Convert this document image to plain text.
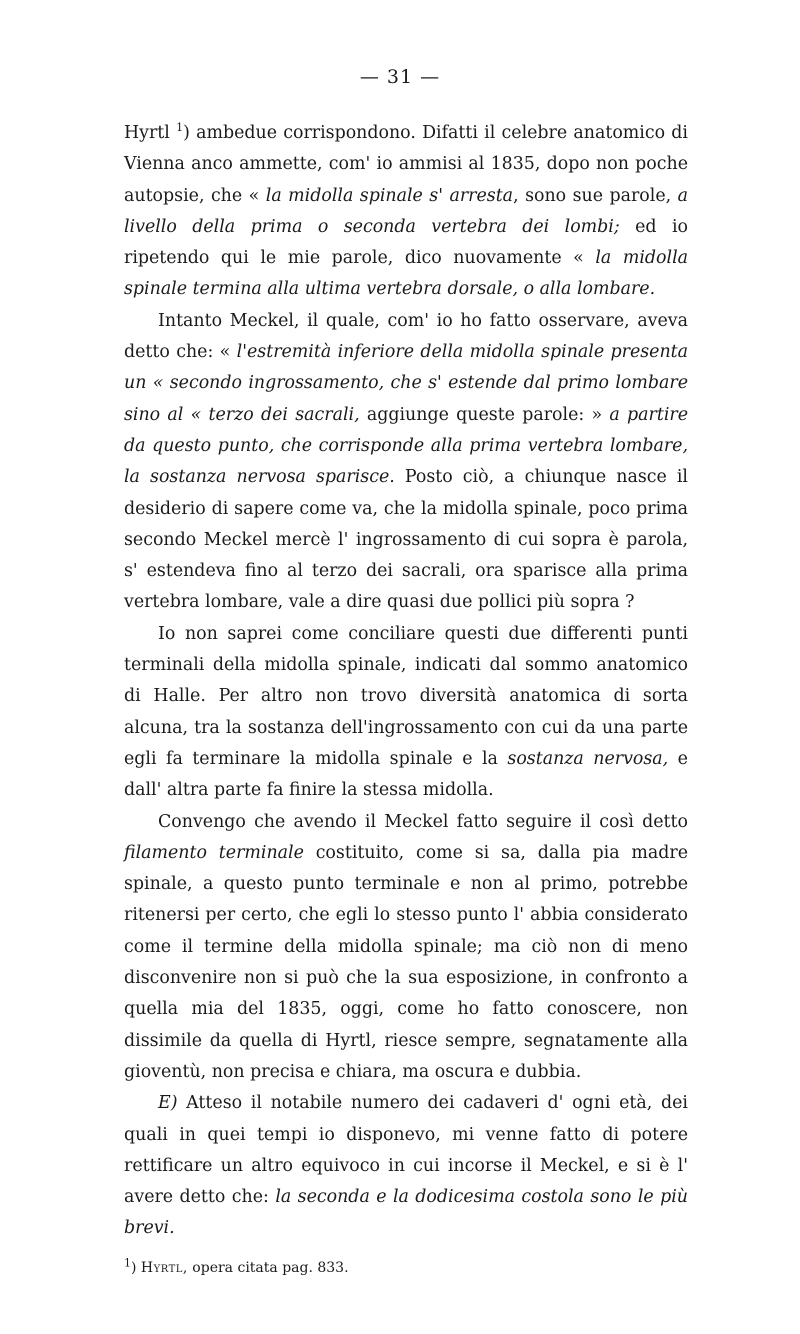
— 31 —

Hyrtl $^1$) ambedue corrispondono. Difatti il celebre anatomico di Vienna anco ammette, com' io ammisi al 1835, dopo non poche autopsie, che « la midolla spinale s' arresta, sono sue parole, a livello della prima o seconda vertebra dei lombi; ed io ripetendo qui le mie parole, dico nuovamente « la midolla spinale termina alla ultima vertebra dorsale, o alla lombare.

Intanto Meckel, il quale, com' io ho fatto osservare, aveva detto che: « l'estremità inferiore della midolla spinale presenta un « secondo ingrossamento, che s' estende dal primo lombare sino al « terzo dei sacrali, aggiunge queste parole: » a partire da questo punto, che corrisponde alla prima vertebra lombare, la sostanza nervosa sparisce. Posto ciò, a chiunque nasce il desiderio di sapere come va, che la midolla spinale, poco prima secondo Meckel mercè l' ingrossamento di cui sopra è parola, s' estendeva fino al terzo dei sacrali, ora sparisce alla prima vertebra lombare, vale a dire quasi due pollici più sopra ?

Io non saprei come conciliare questi due differenti punti terminali della midolla spinale, indicati dal sommo anatomico di Halle. Per altro non trovo diversità anatomica di sorta alcuna, tra la sostanza dell'ingrossamento con cui da una parte egli fa terminare la midolla spinale e la sostanza nervosa, e dall' altra parte fa finire la stessa midolla.

Convengo che avendo il Meckel fatto seguire il così detto filamento terminale costituito, come si sa, dalla pia madre spinale, a questo punto terminale e non al primo, potrebbe ritenersi per certo, che egli lo stesso punto l' abbia considerato come il termine della midolla spinale; ma ciò non di meno disconvenire non si può che la sua esposizione, in confronto a quella mia del 1835, oggi, come ho fatto conoscere, non dissimile da quella di Hyrtl, riesce sempre, segnatamente alla gioventù, non precisa e chiara, ma oscura e dubbia.

E) Atteso il notabile numero dei cadaveri d' ogni età, dei quali in quei tempi io disponevo, mi venne fatto di potere rettificare un altro equivoco in cui incorse il Meckel, e si è l' avere detto che: la seconda e la dodicesima costola sono le più brevi.

$^1$) Hyrtl, opera citata pag. 833.
